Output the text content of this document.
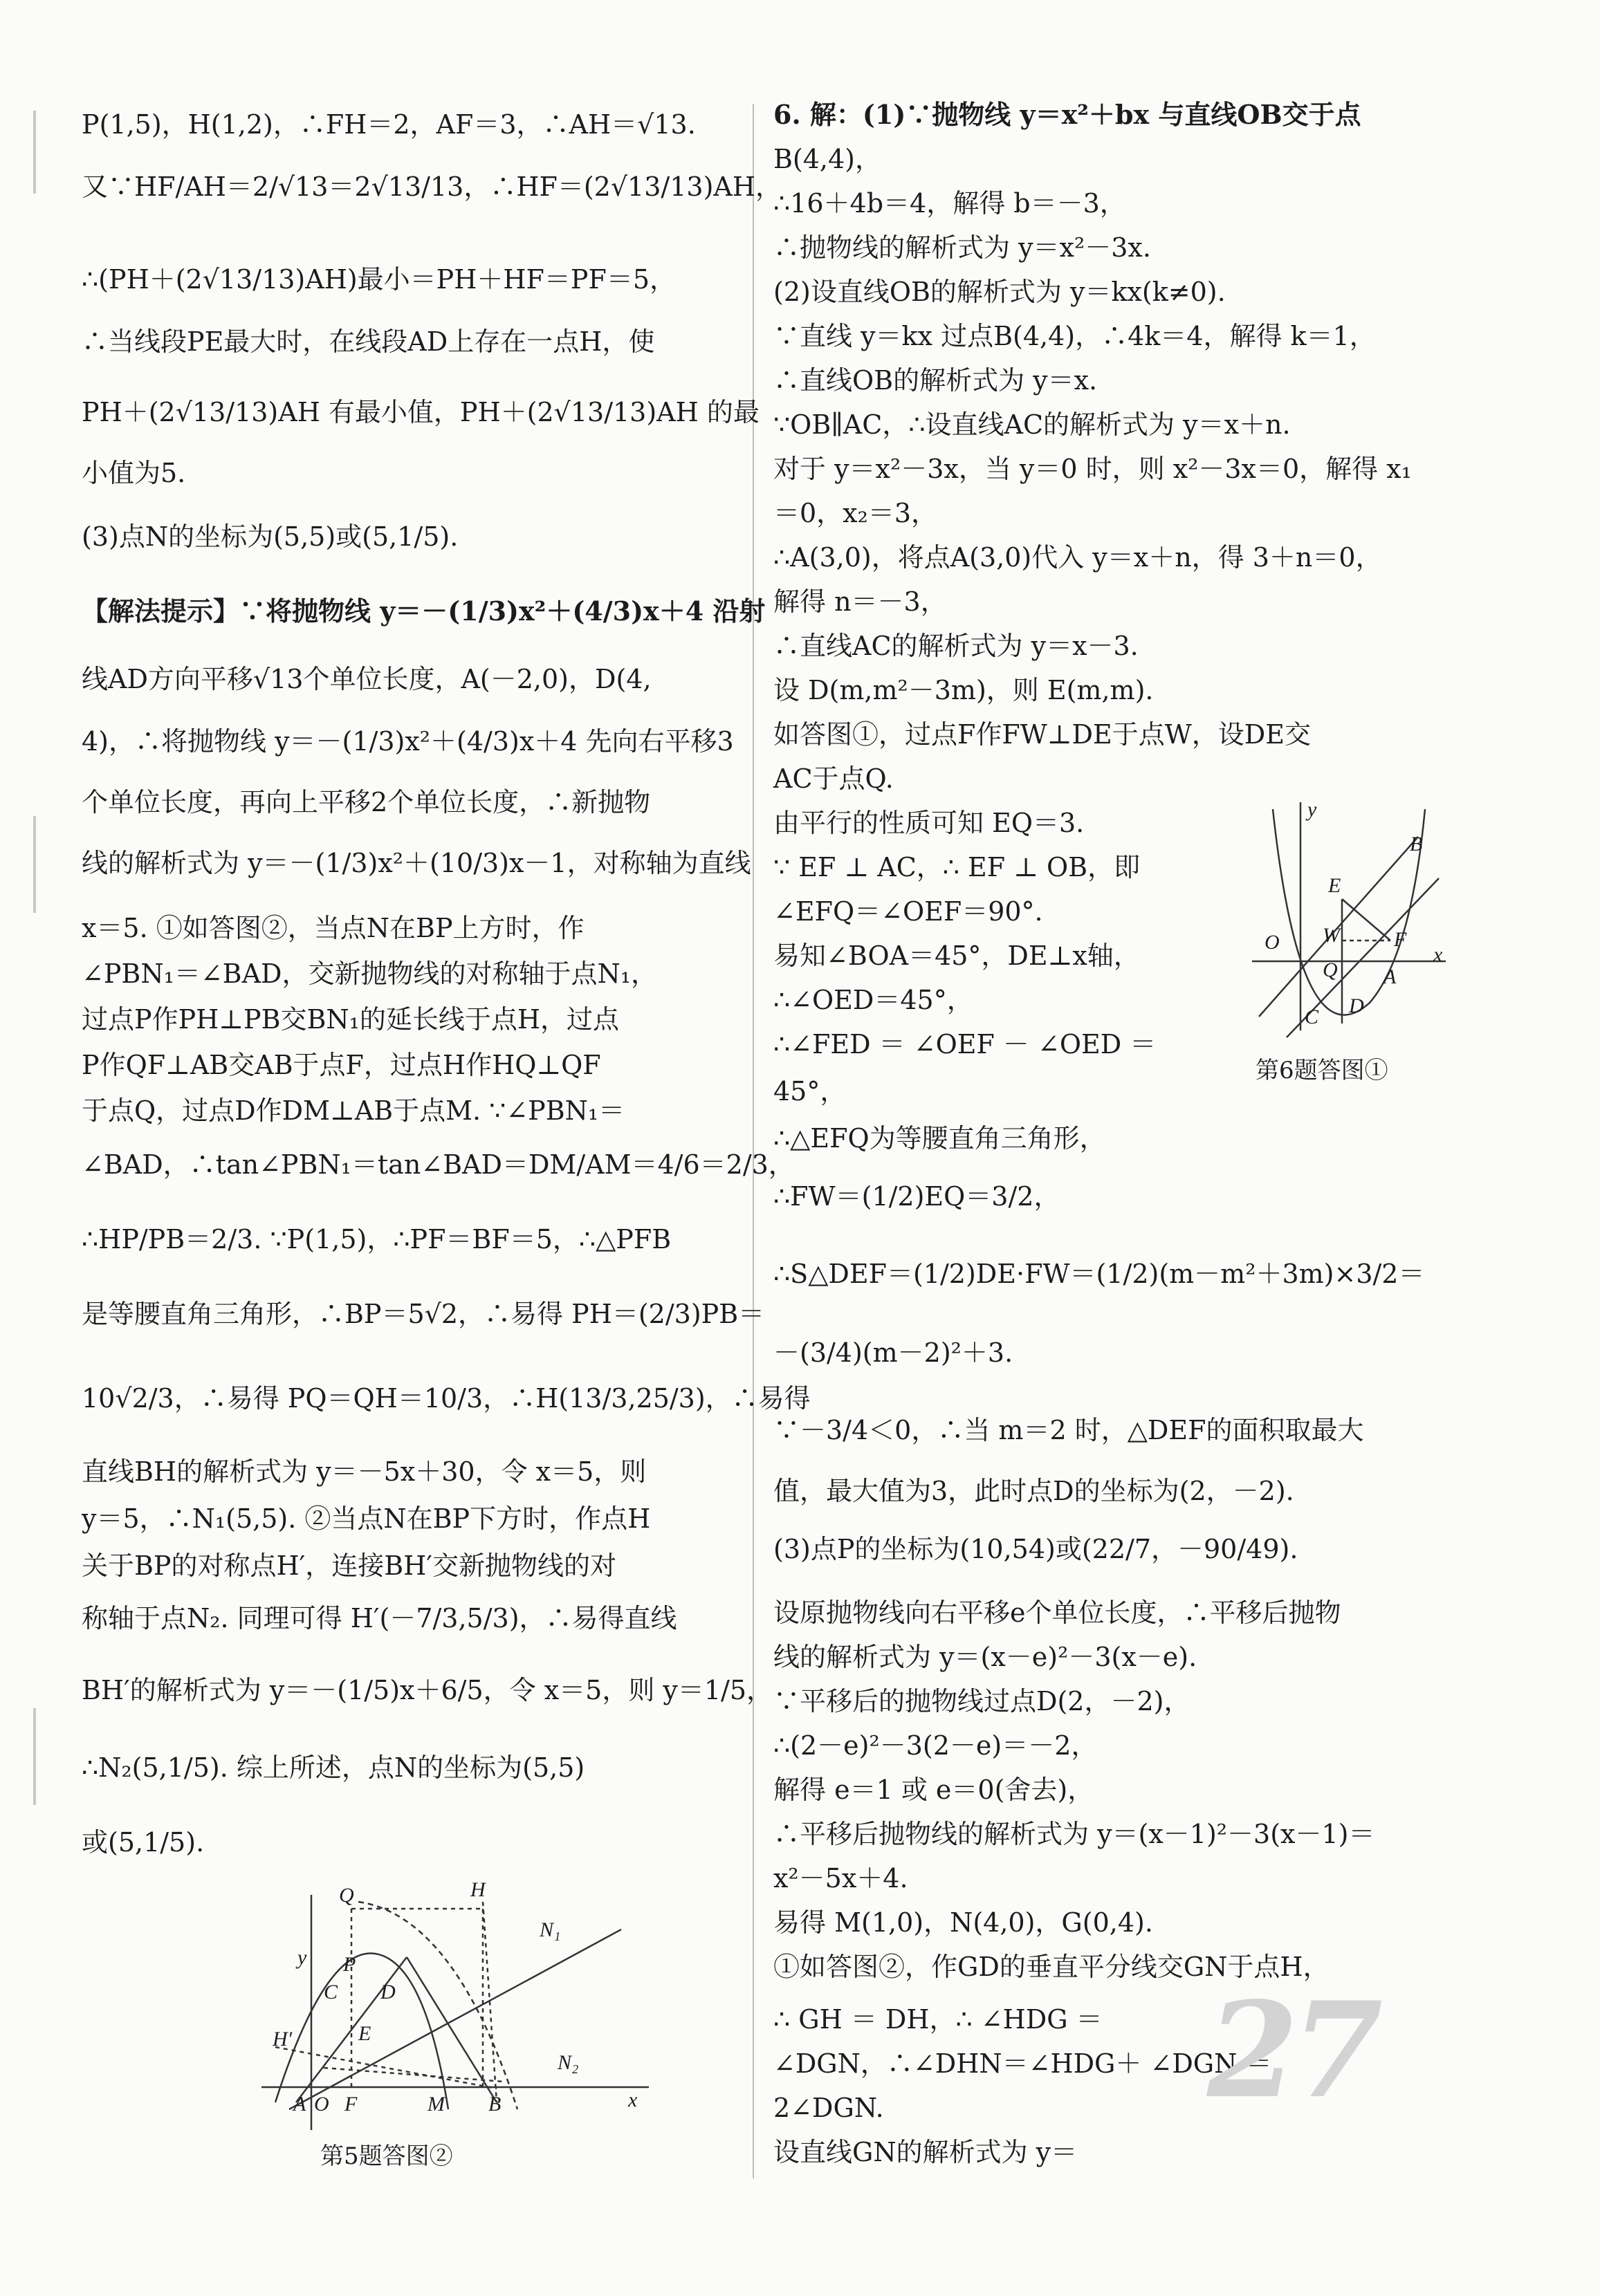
P(1,5)，H(1,2)，∴FH＝2，AF＝3，∴AH＝√13.
又∵HF/AH＝2/√13＝2√13/13，∴HF＝(2√13/13)AH，
∴(PH＋(2√13/13)AH)最小＝PH＋HF＝PF＝5，
∴当线段PE最大时，在线段AD上存在一点H，使
PH＋(2√13/13)AH 有最小值，PH＋(2√13/13)AH 的最
小值为5.
(3)点N的坐标为(5,5)或(5,1/5).
【解法提示】∵将抛物线 y＝－(1/3)x²＋(4/3)x＋4 沿射
线AD方向平移√13个单位长度，A(－2,0)，D(4,
4)，∴将抛物线 y＝－(1/3)x²＋(4/3)x＋4 先向右平移3
个单位长度，再向上平移2个单位长度，∴新抛物
线的解析式为 y＝－(1/3)x²＋(10/3)x－1，对称轴为直线
x＝5. ①如答图②，当点N在BP上方时，作
∠PBN₁＝∠BAD，交新抛物线的对称轴于点N₁，
过点P作PH⊥PB交BN₁的延长线于点H，过点
P作QF⊥AB交AB于点F，过点H作HQ⊥QF
于点Q，过点D作DM⊥AB于点M. ∵∠PBN₁＝
∠BAD，∴tan∠PBN₁＝tan∠BAD＝DM/AM＝4/6＝2/3，
∴HP/PB＝2/3. ∵P(1,5)，∴PF＝BF＝5，∴△PFB
是等腰直角三角形，∴BP＝5√2，∴易得 PH＝(2/3)PB＝
10√2/3，∴易得 PQ＝QH＝10/3，∴H(13/3,25/3)，∴易得
直线BH的解析式为 y＝－5x＋30，令 x＝5，则
y＝5，∴N₁(5,5). ②当点N在BP下方时，作点H
关于BP的对称点H′，连接BH′交新抛物线的对
称轴于点N₂. 同理可得 H′(－7/3,5/3)，∴易得直线
BH′的解析式为 y＝－(1/5)x＋6/5，令 x＝5，则 y＝1/5，
∴N₂(5,1/5). 综上所述，点N的坐标为(5,5)
或(5,1/5).
Q	H
N₁
y P
C D
E
H′
N₂
A O F	M B	x
第5题答图②
6. 解：(1)∵抛物线 y＝x²＋bx 与直线OB交于点
B(4,4)，
∴16＋4b＝4，解得 b＝－3，
∴抛物线的解析式为 y＝x²－3x.
(2)设直线OB的解析式为 y＝kx(k≠0).
∵直线 y＝kx 过点B(4,4)，∴4k＝4，解得 k＝1，
∴直线OB的解析式为 y＝x.
∵OB∥AC，∴设直线AC的解析式为 y＝x＋n.
对于 y＝x²－3x，当 y＝0 时，则 x²－3x＝0，解得 x₁
＝0，x₂＝3，
∴A(3,0)，将点A(3,0)代入 y＝x＋n，得 3＋n＝0，
解得 n＝－3，
∴直线AC的解析式为 y＝x－3.
设 D(m,m²－3m)，则 E(m,m).
如答图①，过点F作FW⊥DE于点W，设DE交
AC于点Q.
由平行的性质可知 EQ＝3.
∵ EF ⊥ AC，∴ EF ⊥ OB，即
∠EFQ＝∠OEF＝90°.
易知∠BOA＝45°，DE⊥x轴，
∴∠OED＝45°，
∴∠FED ＝ ∠OEF － ∠OED ＝
45°，
∴△EFQ为等腰直角三角形，
∴FW＝(1/2)EQ＝3/2，
∴S△DEF＝(1/2)DE·FW＝(1/2)(m－m²＋3m)×3/2＝
－(3/4)(m－2)²＋3.
∵－3/4＜0，∴当 m＝2 时，△DEF的面积取最大
值，最大值为3，此时点D的坐标为(2，－2).
(3)点P的坐标为(10,54)或(22/7，－90/49).
设原抛物线向右平移e个单位长度，∴平移后抛物
线的解析式为 y＝(x－e)²－3(x－e).
∵平移后的抛物线过点D(2，－2)，
∴(2－e)²－3(2－e)＝－2，
解得 e＝1 或 e＝0(舍去)，
∴平移后抛物线的解析式为 y＝(x－1)²－3(x－1)＝
x²－5x＋4.
易得 M(1,0)，N(4,0)，G(0,4).
①如答图②，作GD的垂直平分线交GN于点H，
∴ GH ＝ DH，∴ ∠HDG ＝
∠DGN，∴∠DHN＝∠HDG＋ ∠DGN ＝
2∠DGN.
设直线GN的解析式为 y＝
y
B
E
W	F
O
Q A
x
C D
第6题答图①
27
